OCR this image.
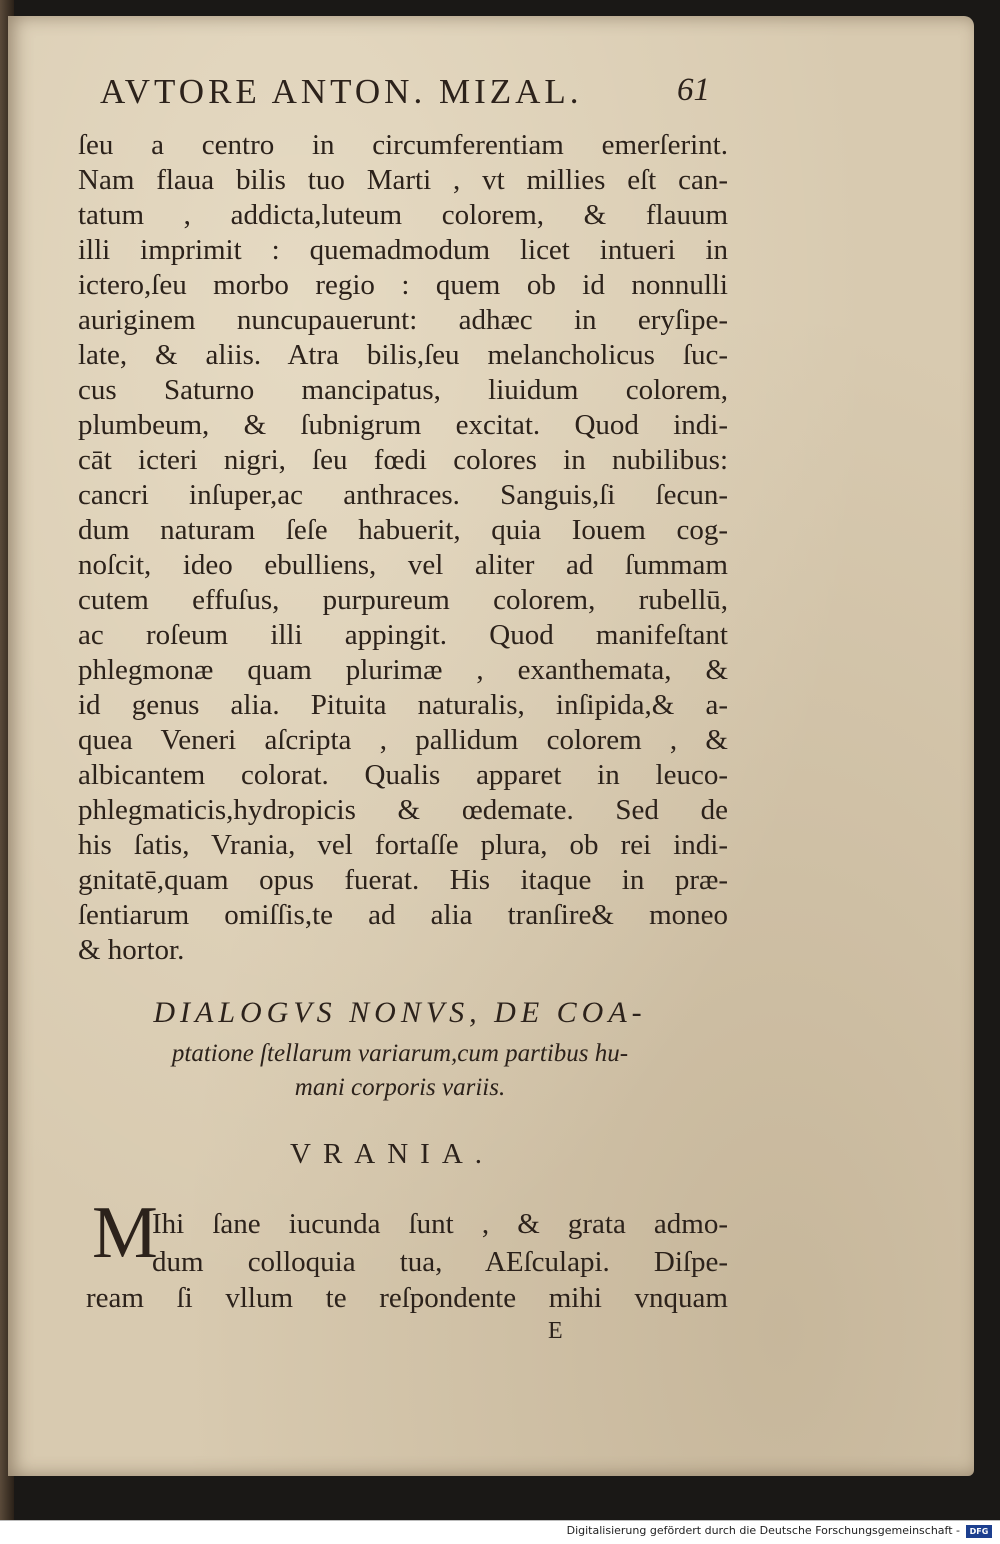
AVTORE ANTON. MIZAL.	61
ſeu a centro in circumferentiam emerſerint.
Nam flaua bilis tuo Marti , vt millies eſt can-
tatum , addicta,luteum colorem, & flauum
illi imprimit : quemadmodum licet intueri in
ictero,ſeu morbo regio : quem ob id nonnulli
auriginem nuncupauerunt: adhæc in eryſipe-
late, & aliis. Atra bilis,ſeu melancholicus ſuc-
cus Saturno mancipatus, liuidum colorem,
plumbeum, & ſubnigrum excitat. Quod indi-
cāt icteri nigri, ſeu fœdi colores in nubilibus:
cancri inſuper,ac anthraces. Sanguis,ſi ſecun-
dum naturam ſeſe habuerit, quia Iouem cog-
noſcit, ideo ebulliens, vel aliter ad ſummam
cutem effuſus, purpureum colorem, rubellū,
ac roſeum illi appingit. Quod manifeſtant
phlegmonæ quam plurimæ , exanthemata, &
id genus alia. Pituita naturalis, inſipida,& a-
quea Veneri aſcripta , pallidum colorem , &
albicantem colorat. Qualis apparet in leuco-
phlegmaticis,hydropicis & œdemate. Sed de
his ſatis, Vrania, vel fortaſſe plura, ob rei indi-
gnitatē,quam opus fuerat. His itaque in præ-
ſentiarum omiſſis,te ad alia tranſire& moneo
& hortor.
DIALOGVS NONVS, DE COA-
ptatione ſtellarum variarum,cum partibus hu-
mani corporis variis.
VRANIA.
M
Ihi ſane iucunda ſunt , & grata admo-
dum colloquia tua, AEſculapi. Diſpe-
ream ſi vllum te reſpondente mihi vnquam
E
Digitalisierung gefördert durch die Deutsche Forschungsgemeinschaft -	DFG
